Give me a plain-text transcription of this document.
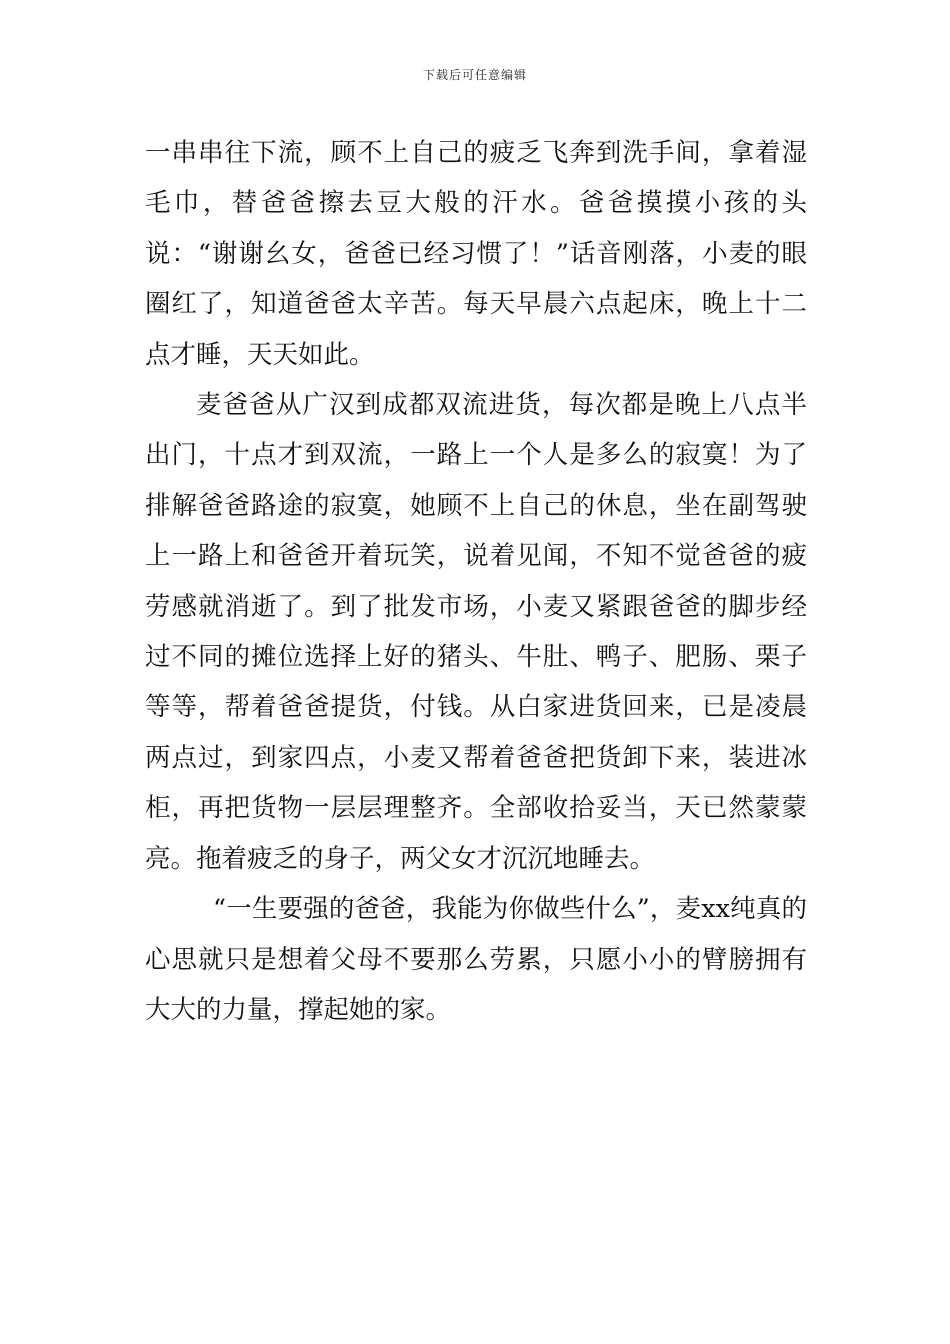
下载后可任意编辑

一串串往下流，顾不上自己的疲乏飞奔到洗手间，拿着湿毛巾，替爸爸擦去豆大般的汗水。爸爸摸摸小孩的头说：“谢谢幺女，爸爸已经习惯了！”话音刚落，小麦的眼圈红了，知道爸爸太辛苦。每天早晨六点起床，晚上十二点才睡，天天如此。

麦爸爸从广汉到成都双流进货，每次都是晚上八点半出门，十点才到双流，一路上一个人是多么的寂寞！为了排解爸爸路途的寂寞，她顾不上自己的休息，坐在副驾驶上一路上和爸爸开着玩笑，说着见闻，不知不觉爸爸的疲劳感就消逝了。到了批发市场，小麦又紧跟爸爸的脚步经过不同的摊位选择上好的猪头、牛肚、鸭子、肥肠、栗子等等，帮着爸爸提货，付钱。从白家进货回来，已是凌晨两点过，到家四点，小麦又帮着爸爸把货卸下来，装进冰柜，再把货物一层层理整齐。全部收拾妥当，天已然蒙蒙亮。拖着疲乏的身子，两父女才沉沉地睡去。

“一生要强的爸爸，我能为你做些什么”，麦xx纯真的心思就只是想着父母不要那么劳累，只愿小小的臂膀拥有大大的力量，撑起她的家。
